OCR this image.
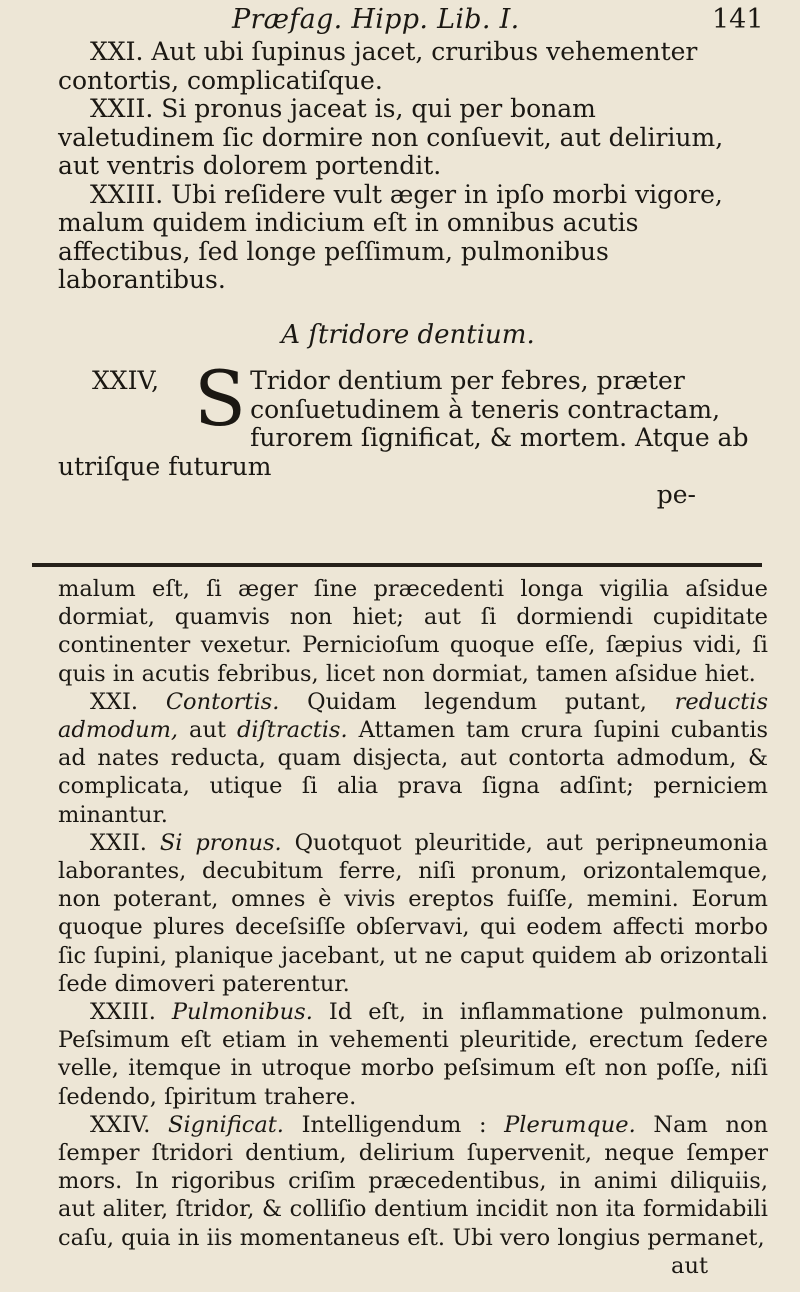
Præfag. Hipp. Lib. I.	141

XXI. Aut ubi ſupinus jacet, cruribus vehementer contortis, complicatiſque.

XXII. Si pronus jaceat is, qui per bonam valetudinem ſic dormire non conſuevit, aut delirium, aut ventris dolorem portendit.

XXIII. Ubi reſidere vult æger in ipſo morbi vigore, malum quidem indicium eſt in omnibus acutis affectibus, ſed longe peſſimum, pulmonibus laborantibus.

A ſtridore dentium.

XXIV, S Tridor dentium per febres, præter conſuetudinem à teneris contractam, furorem ſignificat, & mortem. Atque ab utriſque futurum

pe-

malum eſt, ſi æger ſine præcedenti longa vigilia aſsidue dormiat, quamvis non hiet; aut ſi dormiendi cupiditate continenter vexetur. Pernicioſum quoque eſſe, ſæpius vidi, ſi quis in acutis febribus, licet non dormiat, tamen aſsidue hiet.

XXI. Contortis. Quidam legendum putant, reductis admodum, aut diſtractis. Attamen tam crura ſupini cubantis ad nates reducta, quam disjecta, aut contorta admodum, & complicata, utique ſi alia prava ſigna adſint; perniciem minantur.

XXII. Si pronus. Quotquot pleuritide, aut peripneumonia laborantes, decubitum ferre, niſi pronum, orizontalemque, non poterant, omnes è vivis ereptos fuiſſe, memini. Eorum quoque plures deceſsiſſe obſervavi, qui eodem affecti morbo ſic ſupini, planique jacebant, ut ne caput quidem ab orizontali ſede dimoveri paterentur.

XXIII. Pulmonibus. Id eſt, in inflammatione pulmonum. Peſsimum eſt etiam in vehementi pleuritide, erectum ſedere velle, itemque in utroque morbo peſsimum eſt non poſſe, niſi ſedendo, ſpiritum trahere.

XXIV. Significat. Intelligendum : Plerumque. Nam non ſemper ſtridori dentium, delirium ſupervenit, neque ſemper mors. In rigoribus criſim præcedentibus, in animi diliquiis, aut aliter, ſtridor, & colliſio dentium incidit non ita formidabili caſu, quia in iis momentaneus eſt. Ubi vero longius permanet,

aut
